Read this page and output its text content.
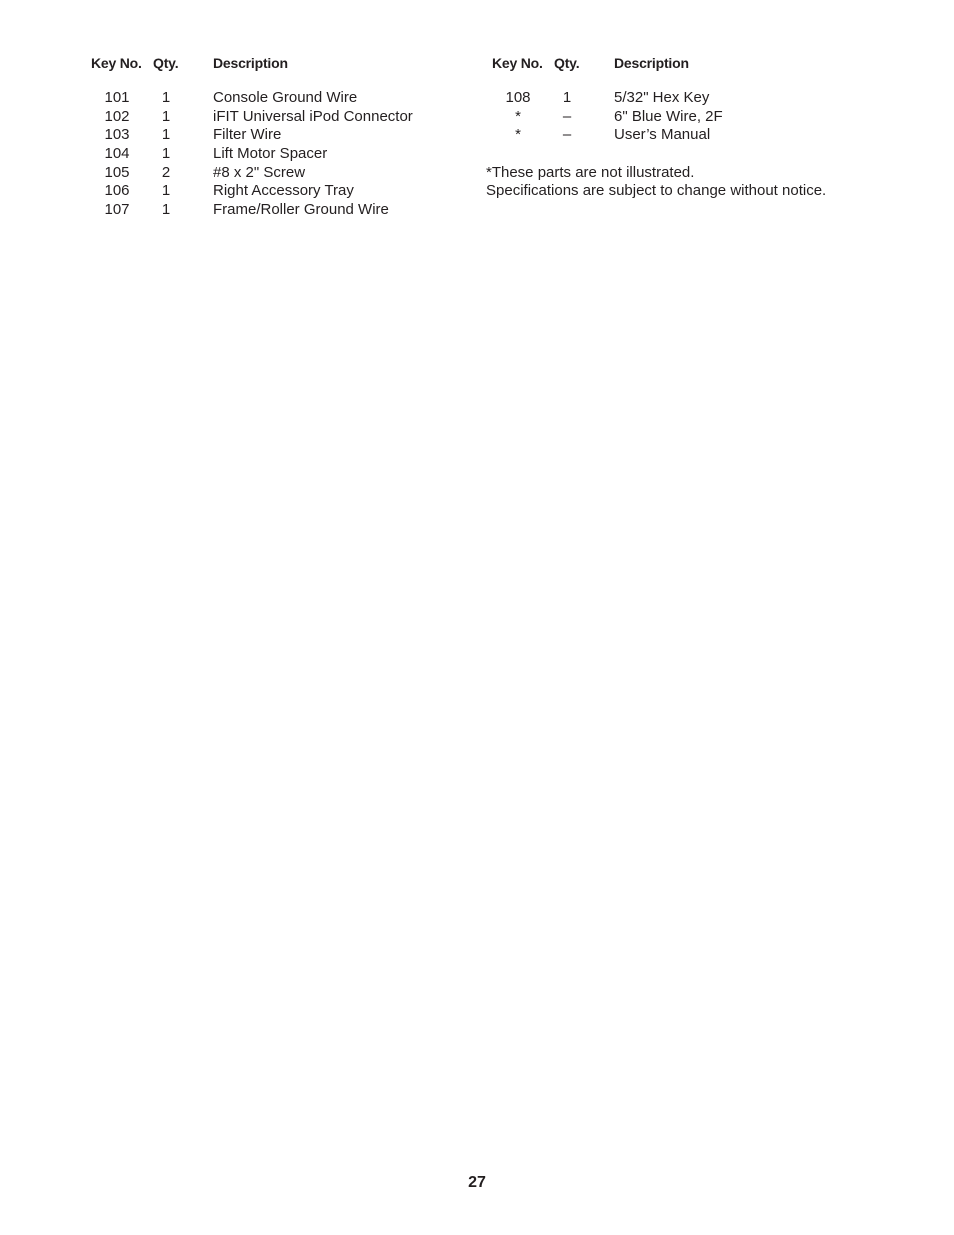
Key No. Qty. Description	Key No. Qty. Description
101	1	Console Ground Wire
102	1	iFIT Universal iPod Connector
103	1	Filter Wire
104	1	Lift Motor Spacer
105	2	#8 x 2" Screw
106	1	Right Accessory Tray
107	1	Frame/Roller Ground Wire
108	1	5/32" Hex Key
*	–	6" Blue Wire, 2F
*	–	User’s Manual
*These parts are not illustrated.
Specifications are subject to change without notice.
27
